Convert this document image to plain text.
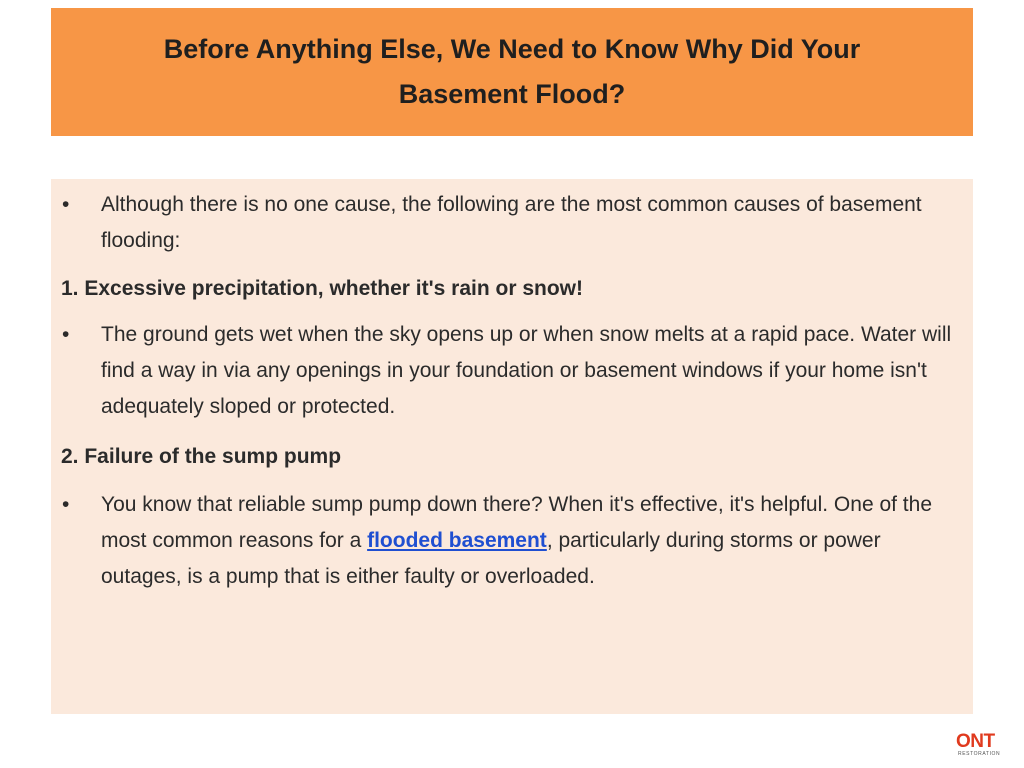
Before Anything Else, We Need to Know Why Did Your Basement Flood?
•	Although there is no one cause, the following are the most common causes of basement flooding:

1. Excessive precipitation, whether it's rain or snow!

•	The ground gets wet when the sky opens up or when snow melts at a rapid pace. Water will find a way in via any openings in your foundation or basement windows if your home isn't adequately sloped or protected.

2. Failure of the sump pump

•	You know that reliable sump pump down there? When it's effective, it's helpful. One of the most common reasons for a flooded basement, particularly during storms or power outages, is a pump that is either faulty or overloaded.
ONT
RESTORATION
